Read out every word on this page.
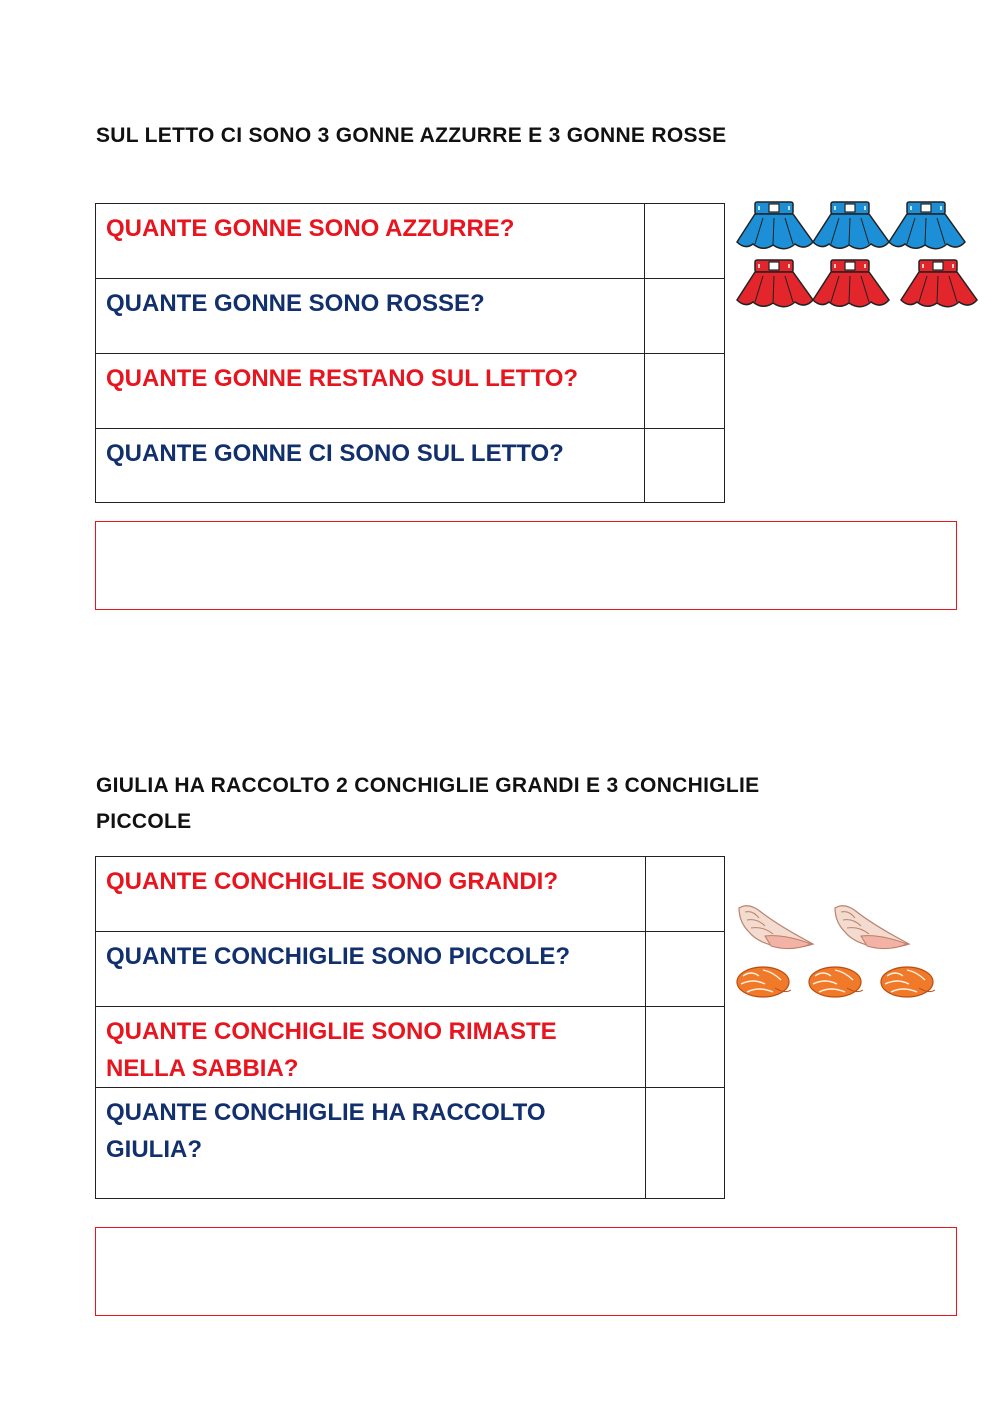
SUL LETTO CI SONO 3 GONNE AZZURRE E 3 GONNE ROSSE
QUANTE GONNE SONO AZZURRE?	
QUANTE GONNE SONO ROSSE?	
QUANTE GONNE RESTANO SUL LETTO?	
QUANTE GONNE CI SONO SUL LETTO?	
GIULIA HA RACCOLTO 2 CONCHIGLIE GRANDI E 3 CONCHIGLIE
PICCOLE
QUANTE CONCHIGLIE SONO GRANDI?	
QUANTE CONCHIGLIE SONO PICCOLE?	
QUANTE CONCHIGLIE SONO RIMASTE NELLA SABBIA?	
QUANTE CONCHIGLIE HA RACCOLTO GIULIA?	
